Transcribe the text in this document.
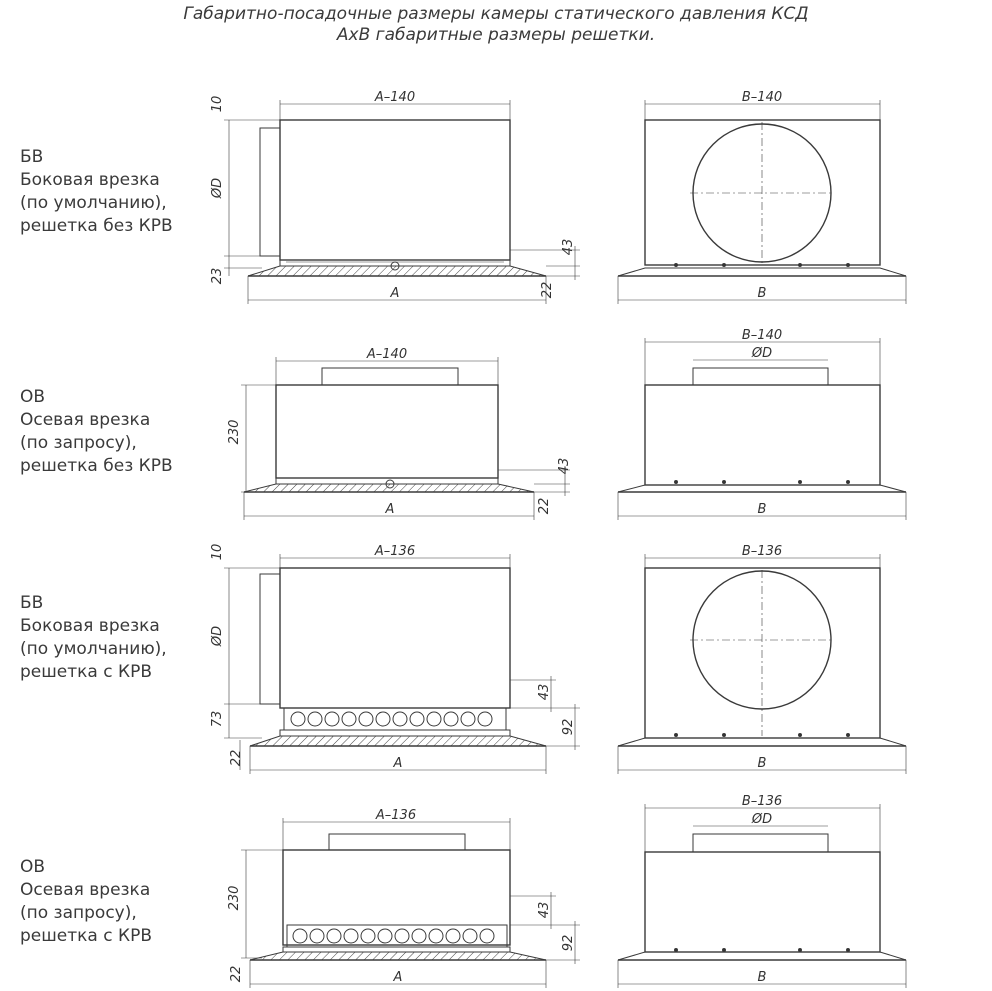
Габаритно-посадочные размеры камеры статического давления КСД
АхВ габаритные размеры решетки.
БВ
Боковая врезка
(по умолчанию),
решетка без КРВ
ОВ
Осевая врезка
(по запросу),
решетка без КРВ
БВ
Боковая врезка
(по умолчанию),
решетка с КРВ
ОВ
Осевая врезка
(по запросу),
решетка с КРВ
A–140
A
10
ØD
23
43
22
B–140
B
A–140
A
230
43
22
B–140
ØD
B
A–136
A
10
ØD
73
22
43
92
B–136
B
A–136
A
230
22
43
92
B–136
ØD
B
